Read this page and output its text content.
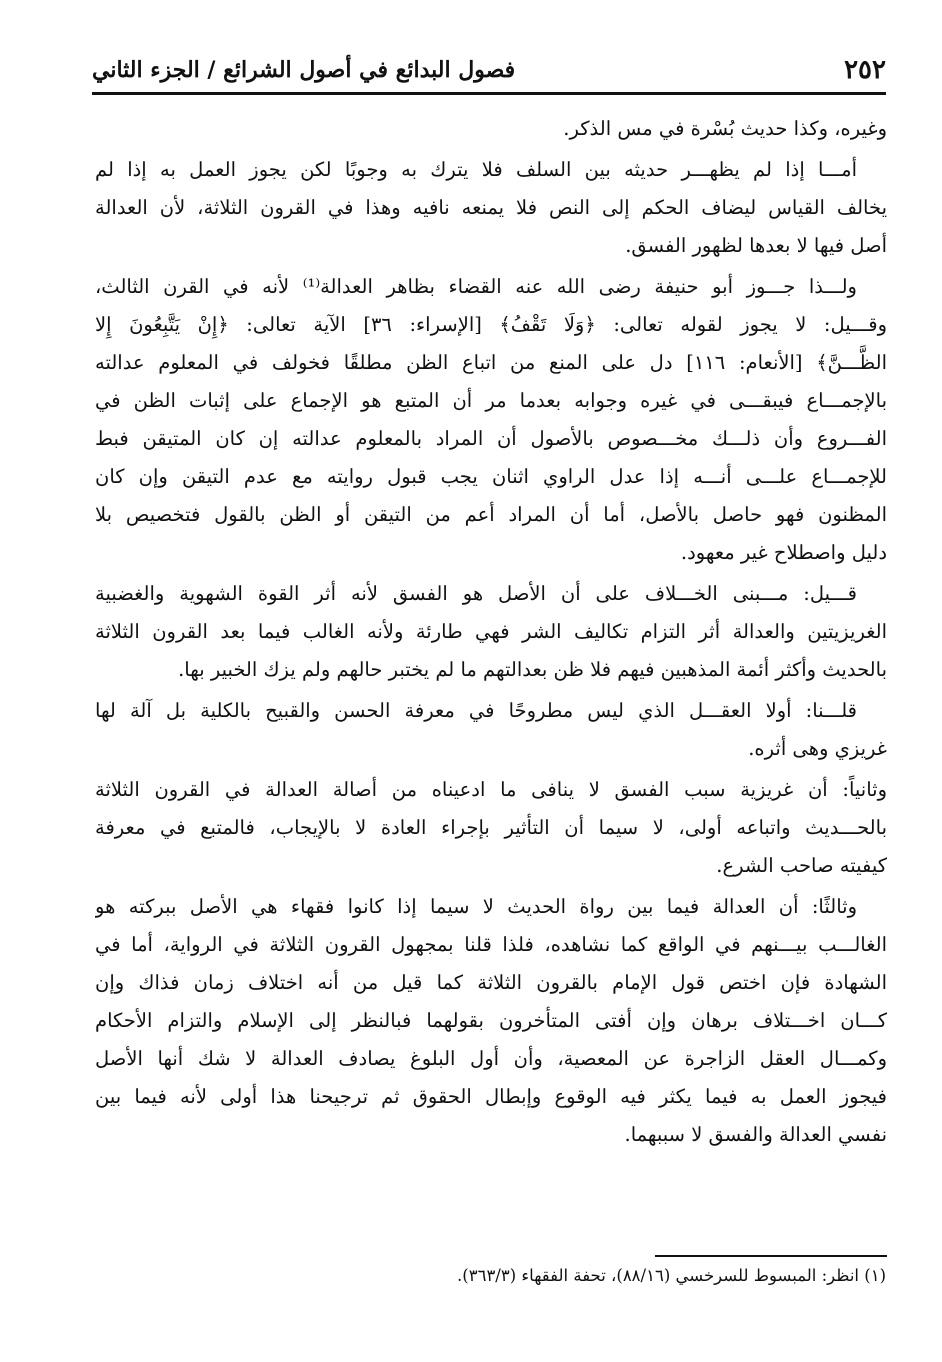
٢٥٢
فصول البدائع في أصول الشرائع / الجزء الثاني
وغيره، وكذا حديث بُسْرة في مس الذكر.
أمـــا إذا لم يظهـــر حديثه بين السلف فلا يترك به وجوبًا لكن يجوز العمل به إذا لم
يخالف القياس ليضاف الحكم إلى النص فلا يمنعه نافيه وهذا في القرون الثلاثة، لأن العدالة
أصل فيها لا بعدها لظهور الفسق.
ولـــذا جـــوز أبو حنيفة رضى الله عنه القضاء بظاهر العدالة⁽¹⁾ لأنه في القرن الثالث،
وقـــيل: لا يجوز لقوله تعالى: ﴿وَلَا تَقْفُ﴾ [الإسراء: ٣٦] الآية تعالى: ﴿إِنْ يَتَّبِعُونَ إِلا
الظَّـــنَّ﴾ [الأنعام: ١١٦] دل على المنع من اتباع الظن مطلقًا فخولف في المعلوم عدالته
بالإجمـــاع فيبقـــى في غيره وجوابه بعدما مر أن المتبع هو الإجماع على إثبات الظن في
الفـــروع وأن ذلـــك مخـــصوص بالأصول أن المراد بالمعلوم عدالته إن كان المتيقن فبط
للإجمـــاع علـــى أنـــه إذا عدل الراوي اثنان يجب قبول روايته مع عدم التيقن وإن كان
المظنون فهو حاصل بالأصل، أما أن المراد أعم من التيقن أو الظن بالقول فتخصيص بلا
دليل واصطلاح غير معهود.
قـــيل: مـــبنى الخـــلاف على أن الأصل هو الفسق لأنه أثر القوة الشهوية والغضبية
الغريزيتين والعدالة أثر التزام تكاليف الشر فهي طارئة ولأنه الغالب فيما بعد القرون الثلاثة
بالحديث وأكثر أئمة المذهبين فيهم فلا ظن بعدالتهم ما لم يختبر حالهم ولم يزك الخبير بها.
قلـــنا: أولا العقـــل الذي ليس مطروحًا في معرفة الحسن والقبيح بالكلية بل آلة لها
غريزي وهى أثره.
وثانياً: أن غريزية سبب الفسق لا ينافى ما ادعيناه من أصالة العدالة في القرون الثلاثة
بالحـــديث واتباعه أولى، لا سيما أن التأثير بإجراء العادة لا بالإيجاب، فالمتبع في معرفة
كيفيته صاحب الشرع.
وثالثًا: أن العدالة فيما بين رواة الحديث لا سيما إذا كانوا فقهاء هي الأصل ببركته هو
الغالـــب بيـــنهم في الواقع كما نشاهده، فلذا قلنا بمجهول القرون الثلاثة في الرواية، أما في
الشهادة فإن اختص قول الإمام بالقرون الثلاثة كما قيل من أنه اختلاف زمان فذاك وإن
كـــان اخـــتلاف برهان وإن أفتى المتأخرون بقولهما فبالنظر إلى الإسلام والتزام الأحكام
وكمـــال العقل الزاجرة عن المعصية، وأن أول البلوغ يصادف العدالة لا شك أنها الأصل
فيجوز العمل به فيما يكثر فيه الوقوع وإبطال الحقوق ثم ترجيحنا هذا أولى لأنه فيما بين
نفسي العدالة والفسق لا سببهما.
(١) انظر: المبسوط للسرخسي (٨٨/١٦)، تحفة الفقهاء (٣٦٣/٣).
